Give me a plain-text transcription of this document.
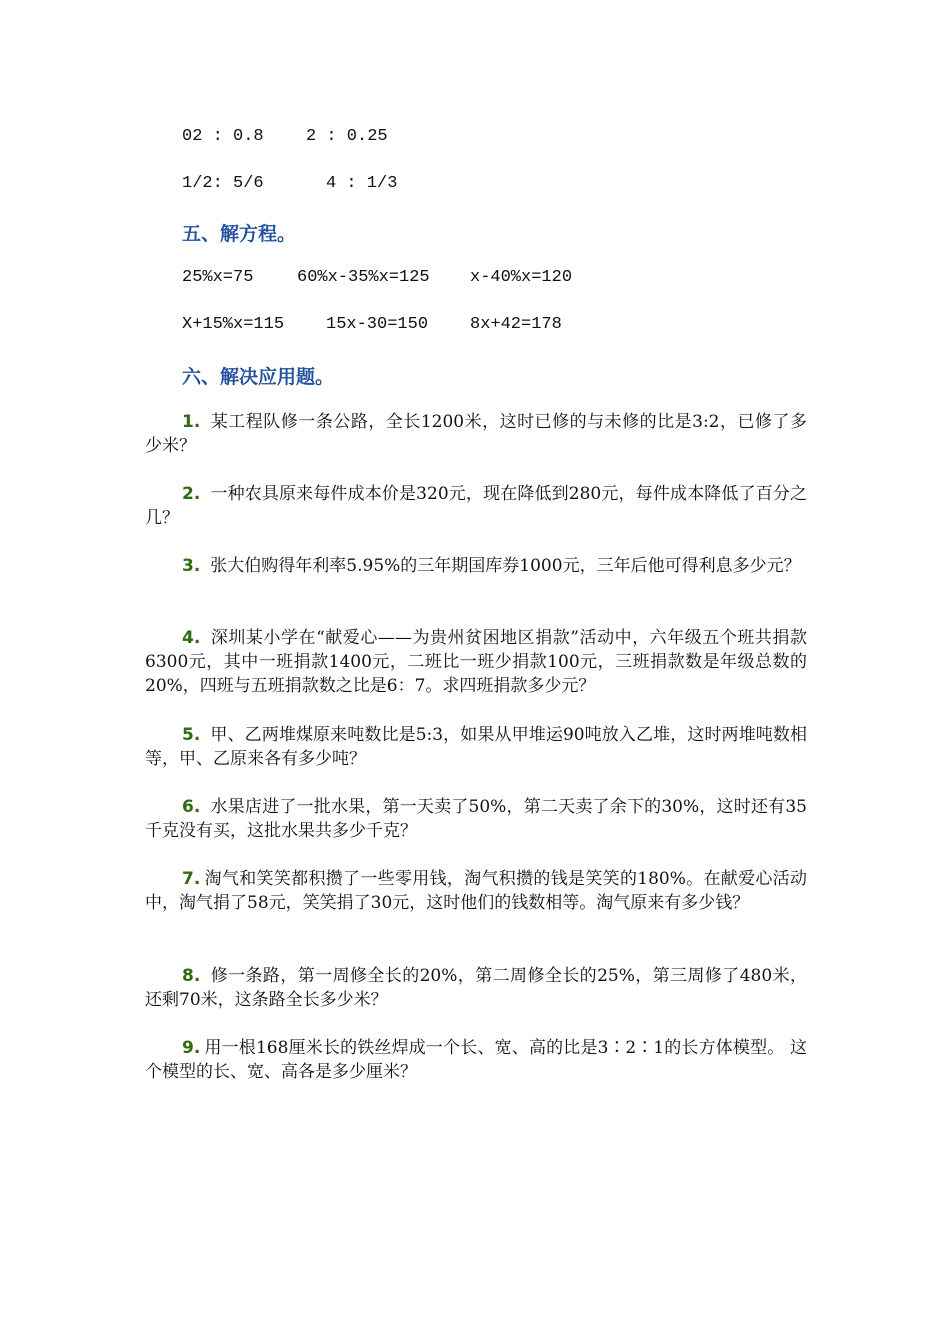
02 : 0.8 2 : 0.25
1/2: 5/6	4 : 1/3
五、解方程。
25%x=75	60%x-35%x=125 x-40%x=120
X+15%x=115 15x-30=150 8x+42=178
六、解决应用题。
1. 某工程队修一条公路，全长1200米，这时已修的与未修的比是3:2，已修了多少米？
2. 一种农具原来每件成本价是320元，现在降低到280元，每件成本降低了百分之几？
3. 张大伯购得年利率5.95%的三年期国库券1000元，三年后他可得利息多少元？
4. 深圳某小学在“献爱心——为贵州贫困地区捐款”活动中，六年级五个班共捐款6300元，其中一班捐款1400元，二班比一班少捐款100元，三班捐款数是年级总数的20%，四班与五班捐款数之比是6：7。求四班捐款多少元？
5. 甲、乙两堆煤原来吨数比是5:3，如果从甲堆运90吨放入乙堆，这时两堆吨数相等，甲、乙原来各有多少吨？
6. 水果店进了一批水果，第一天卖了50%，第二天卖了余下的30%，这时还有35千克没有买，这批水果共多少千克？
7. 淘气和笑笑都积攒了一些零用钱，淘气积攒的钱是笑笑的180%。在献爱心活动中，淘气捐了58元，笑笑捐了30元，这时他们的钱数相等。淘气原来有多少钱？
8. 修一条路，第一周修全长的20%，第二周修全长的25%，第三周修了480米，还剩70米，这条路全长多少米？
9. 用一根168厘米长的铁丝焊成一个长、宽、高的比是3∶2∶1的长方体模型。 这个模型的长、宽、高各是多少厘米？
